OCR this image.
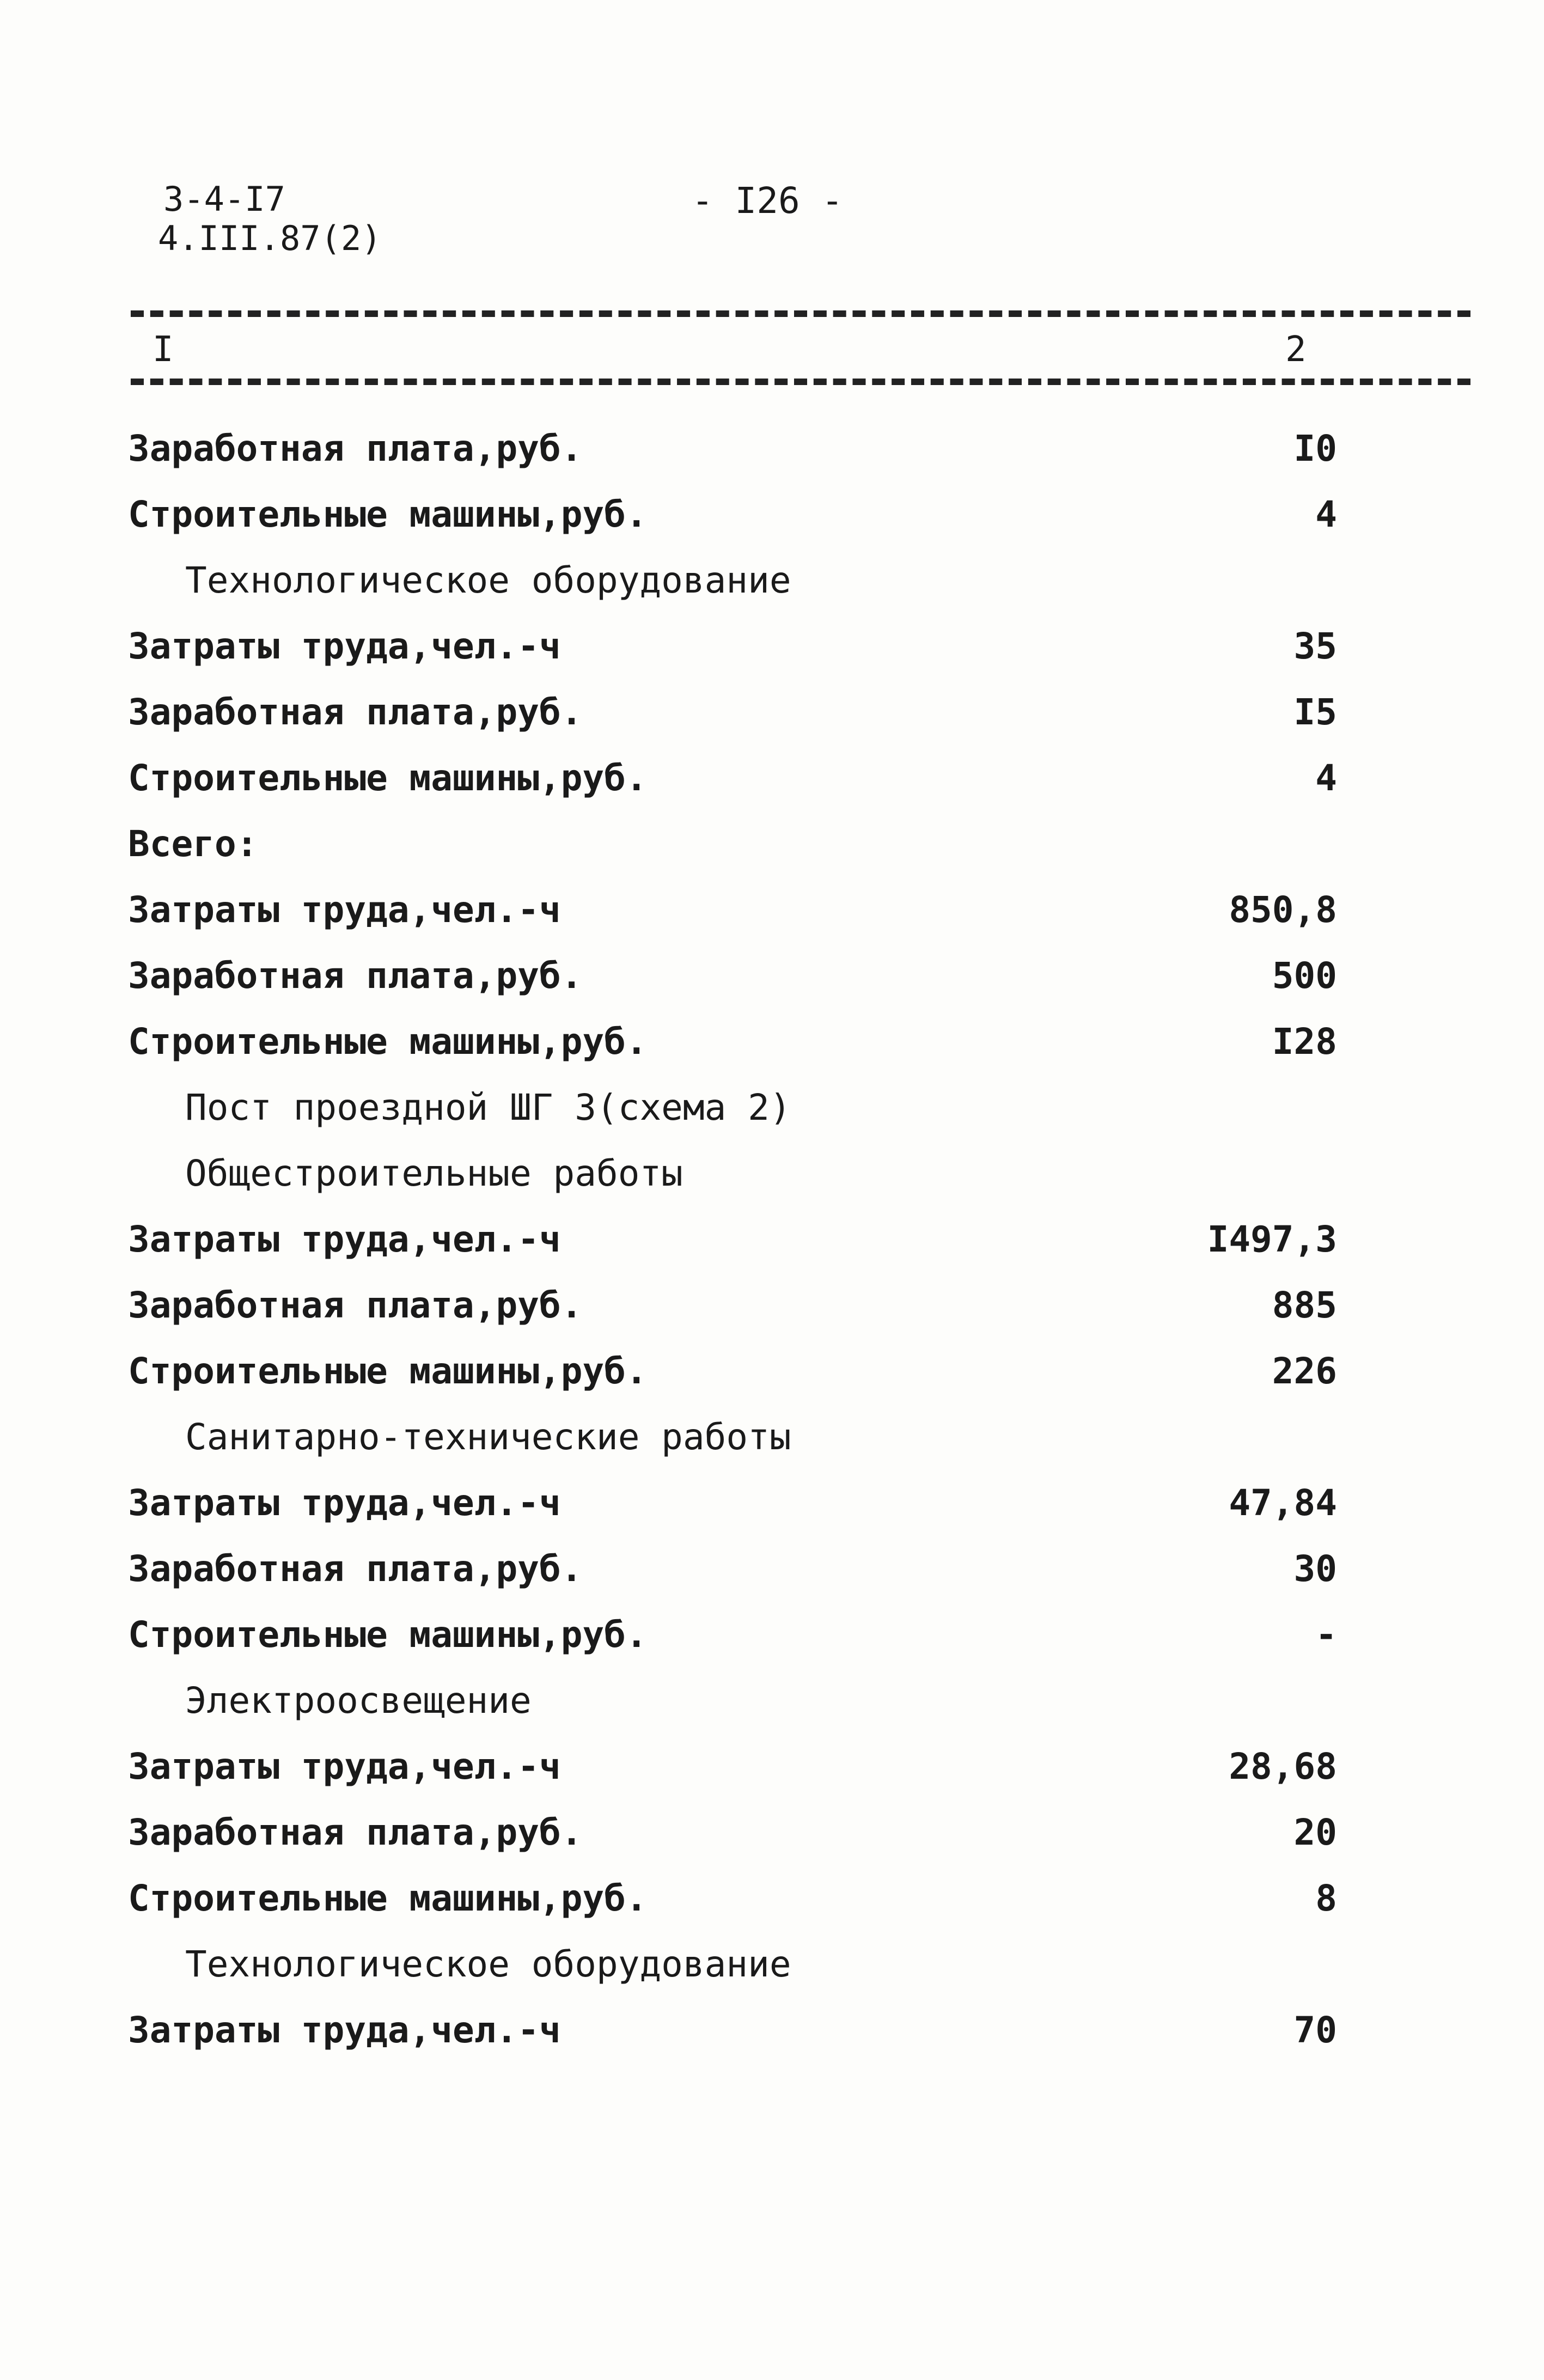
3-4-I7
4.III.87(2)
- I26 -
I	2
Заработная плата,руб.	I0
Строительные машины,руб.	4
Технологическое оборудование
Затраты труда,чел.-ч	35
Заработная плата,руб.	I5
Строительные машины,руб.	4
Всего:
Затраты труда,чел.-ч	850,8
Заработная плата,руб.	500
Строительные машины,руб.	I28
Пост проездной ШГ 3(схема 2)
Общестроительные работы
Затраты труда,чел.-ч	I497,3
Заработная плата,руб.	885
Строительные машины,руб.	226
Санитарно-технические работы
Затраты труда,чел.-ч	47,84
Заработная плата,руб.	30
Строительные машины,руб.	-
Электроосвещение
Затраты труда,чел.-ч	28,68
Заработная плата,руб.	20
Строительные машины,руб.	8
Технологическое оборудование
Затраты труда,чел.-ч	70
